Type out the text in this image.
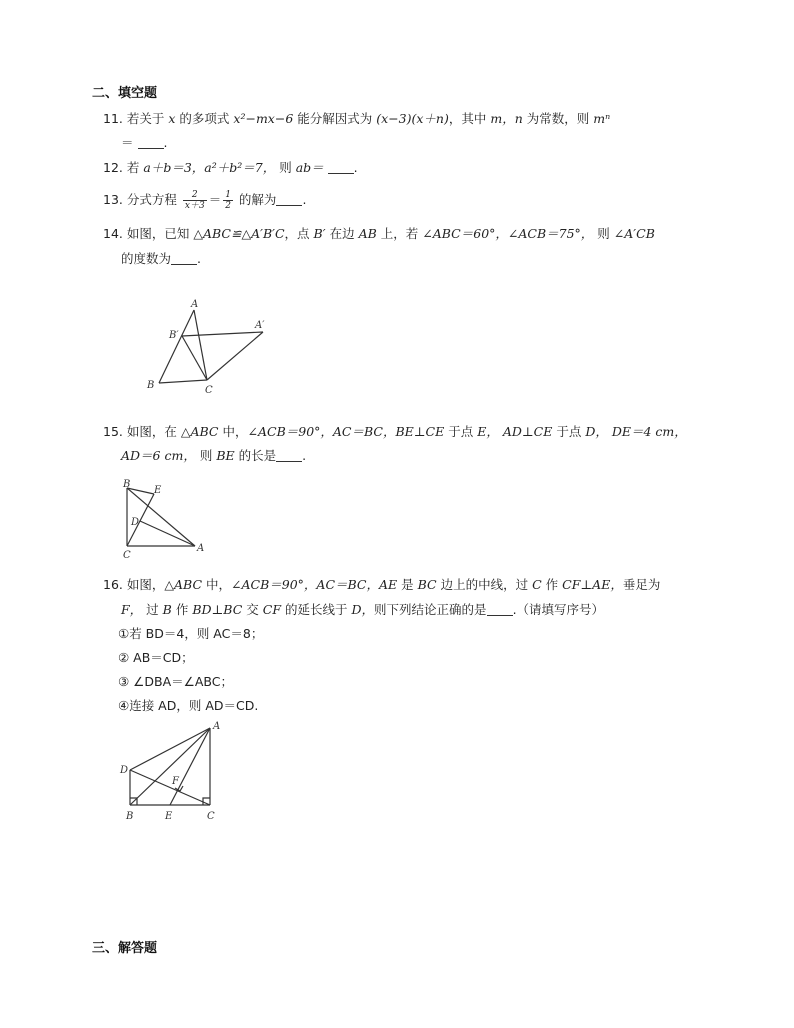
二、填空题
11. 若关于 x 的多项式 x²−mx−6 能分解因式为 (x−3)(x＋n)，其中 m，n 为常数，则 mⁿ
＝ .
12. 若 a＋b＝3，a²＋b²＝7， 则 ab＝ .
13. 分式方程 $\frac{2}{x+3} = \frac{1}{2}$ 的解为 .
14. 如图，已知 △ABC≌△A′B′C，点 B′ 在边 AB 上，若 ∠ABC＝60°，∠ACB＝75°， 则 ∠A′CB
的度数为 .
A
B′
A′
B	C
15. 如图，在 △ABC 中，∠ACB＝90°，AC＝BC，BE⊥CE 于点 E， AD⊥CE 于点 D， DE＝4 cm，
AD＝6 cm， 则 BE 的长是 .
B
E
D
C
A
16. 如图，△ABC 中，∠ACB＝90°，AC＝BC，AE 是 BC 边上的中线，过 C 作 CF⊥AE，垂足为
F， 过 B 作 BD⊥BC 交 CF 的延长线于 D，则下列结论正确的是 .（请填写序号）
①若 BD＝4，则 AC＝8；
② AB＝CD；
③ ∠DBA＝∠ABC；
④连接 AD，则 AD＝CD.
A
D
F
B	E	C
三、解答题
